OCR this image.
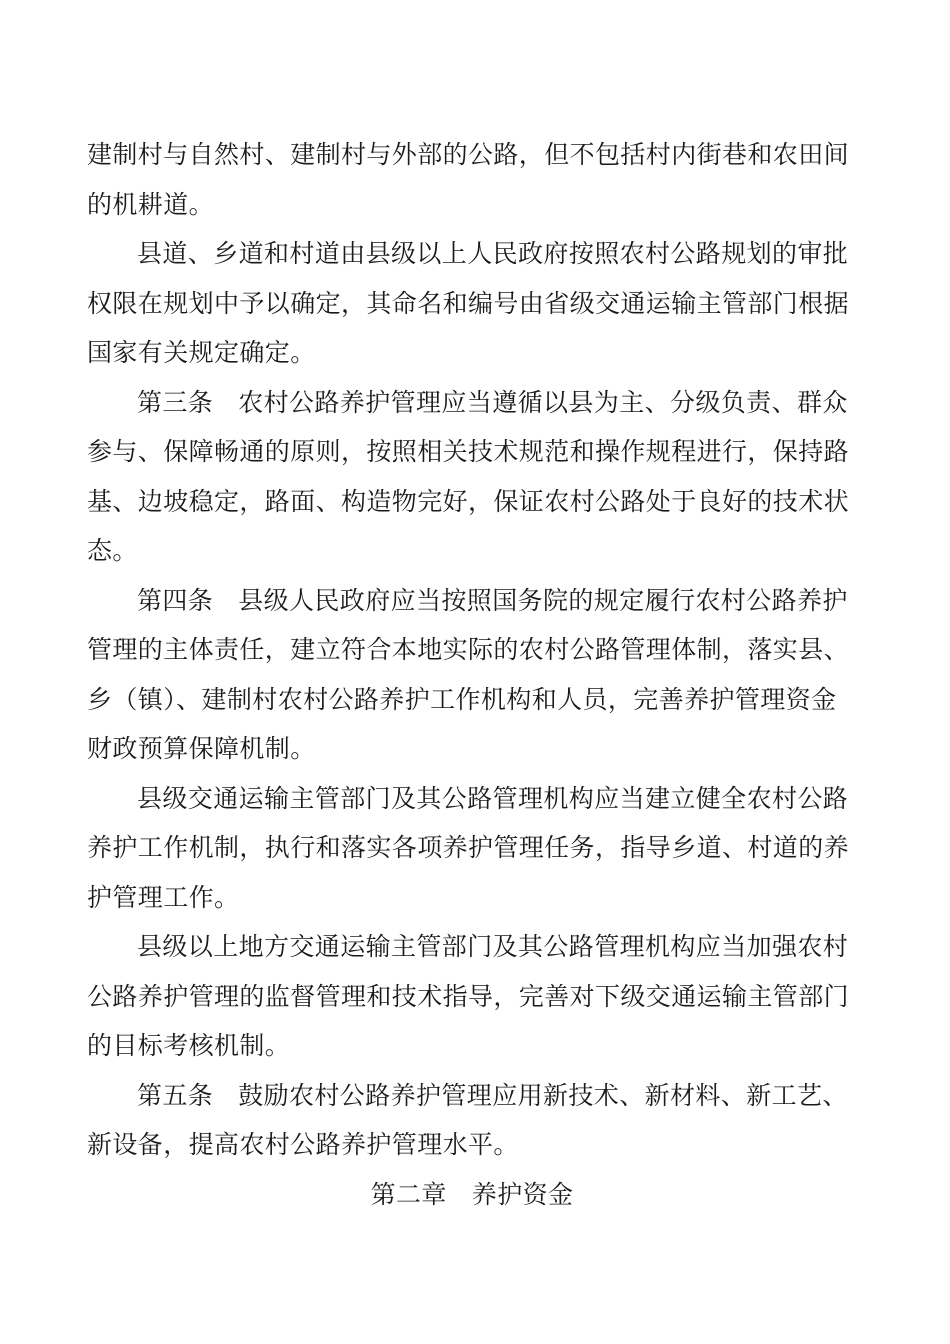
建制村与自然村、建制村与外部的公路，但不包括村内街巷和农田间
的机耕道。

县道、乡道和村道由县级以上人民政府按照农村公路规划的审批
权限在规划中予以确定，其命名和编号由省级交通运输主管部门根据
国家有关规定确定。

第三条 农村公路养护管理应当遵循以县为主、分级负责、群众
参与、保障畅通的原则，按照相关技术规范和操作规程进行，保持路
基、边坡稳定，路面、构造物完好，保证农村公路处于良好的技术状
态。

第四条 县级人民政府应当按照国务院的规定履行农村公路养护
管理的主体责任，建立符合本地实际的农村公路管理体制，落实县、
乡（镇）、建制村农村公路养护工作机构和人员，完善养护管理资金
财政预算保障机制。

县级交通运输主管部门及其公路管理机构应当建立健全农村公路
养护工作机制，执行和落实各项养护管理任务，指导乡道、村道的养
护管理工作。

县级以上地方交通运输主管部门及其公路管理机构应当加强农村
公路养护管理的监督管理和技术指导，完善对下级交通运输主管部门
的目标考核机制。

第五条 鼓励农村公路养护管理应用新技术、新材料、新工艺、
新设备，提高农村公路养护管理水平。

第二章 养护资金
